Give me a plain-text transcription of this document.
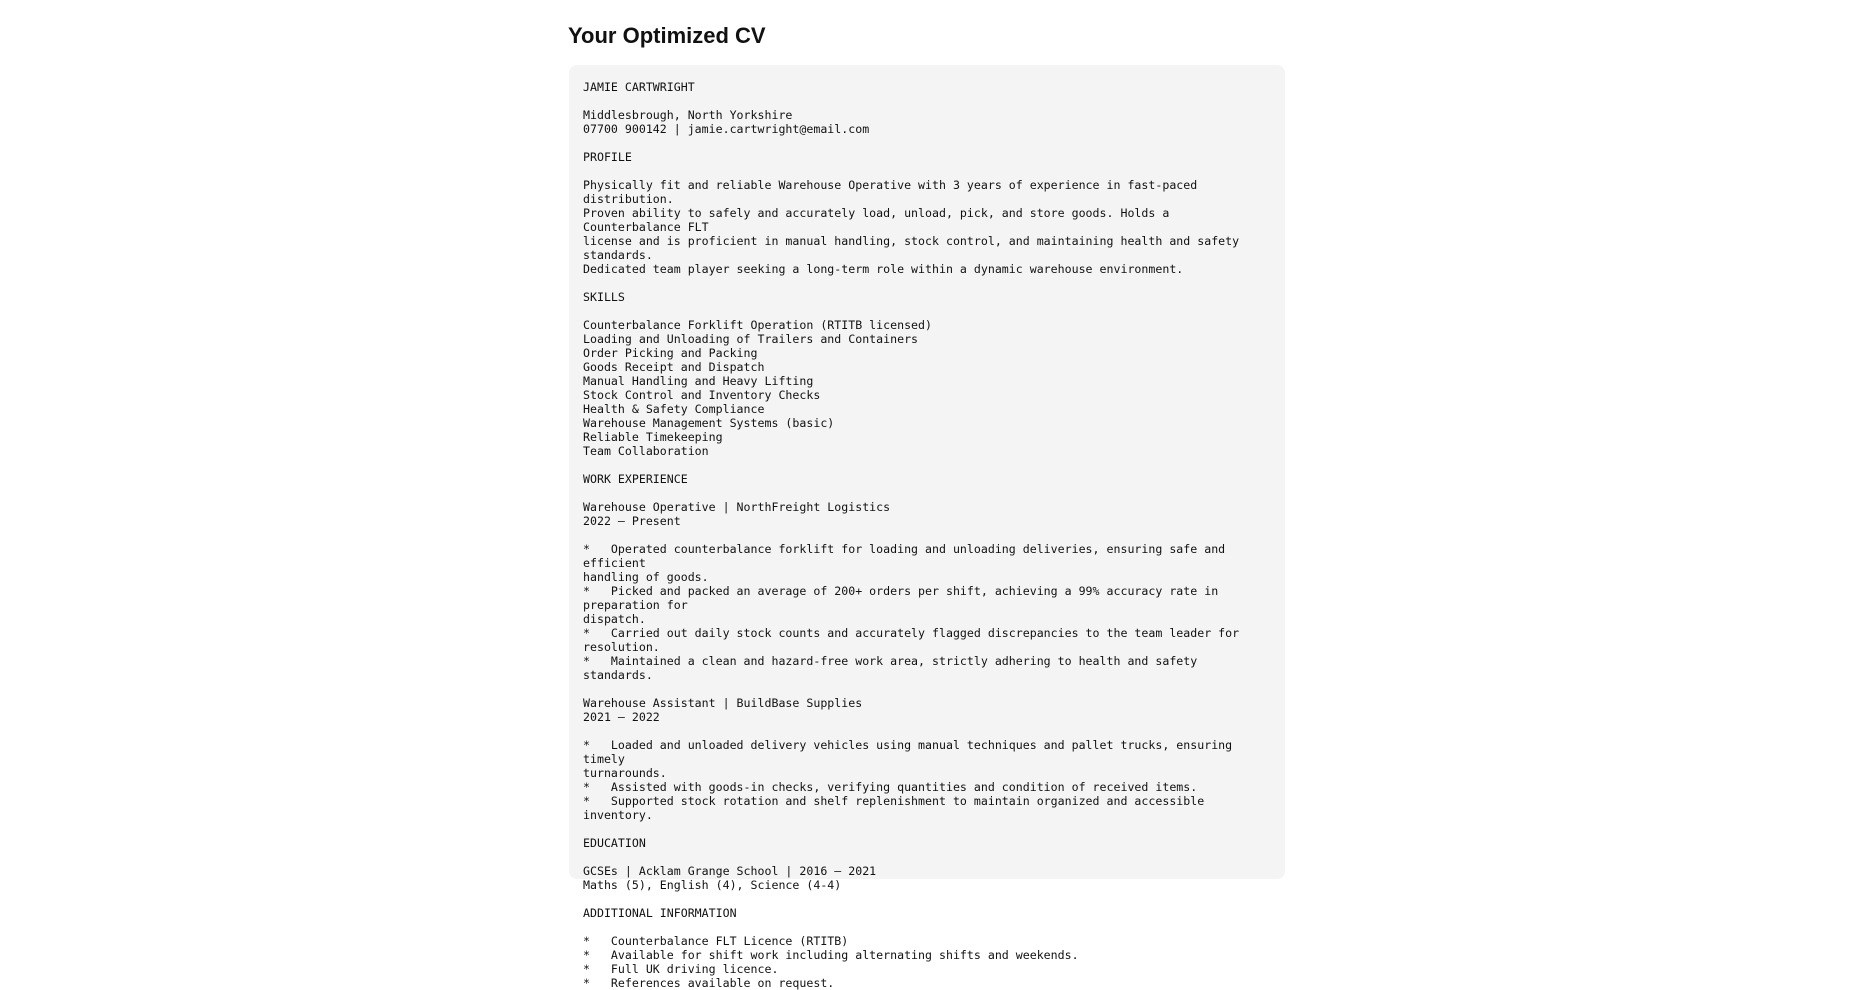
Your Optimized CV
JAMIE CARTWRIGHT

Middlesbrough, North Yorkshire
07700 900142 | jamie.cartwright@email.com

PROFILE

Physically fit and reliable Warehouse Operative with 3 years of experience in fast-paced distribution.
Proven ability to safely and accurately load, unload, pick, and store goods. Holds a Counterbalance FLT
license and is proficient in manual handling, stock control, and maintaining health and safety standards.
Dedicated team player seeking a long-term role within a dynamic warehouse environment.

SKILLS

Counterbalance Forklift Operation (RTITB licensed)
Loading and Unloading of Trailers and Containers
Order Picking and Packing
Goods Receipt and Dispatch
Manual Handling and Heavy Lifting
Stock Control and Inventory Checks
Health & Safety Compliance
Warehouse Management Systems (basic)
Reliable Timekeeping
Team Collaboration

WORK EXPERIENCE

Warehouse Operative | NorthFreight Logistics
2022 – Present

*   Operated counterbalance forklift for loading and unloading deliveries, ensuring safe and efficient
handling of goods.
*   Picked and packed an average of 200+ orders per shift, achieving a 99% accuracy rate in preparation for
dispatch.
*   Carried out daily stock counts and accurately flagged discrepancies to the team leader for resolution.
*   Maintained a clean and hazard-free work area, strictly adhering to health and safety standards.

Warehouse Assistant | BuildBase Supplies
2021 – 2022

*   Loaded and unloaded delivery vehicles using manual techniques and pallet trucks, ensuring timely
turnarounds.
*   Assisted with goods-in checks, verifying quantities and condition of received items.
*   Supported stock rotation and shelf replenishment to maintain organized and accessible inventory.

EDUCATION

GCSEs | Acklam Grange School | 2016 – 2021
Maths (5), English (4), Science (4-4)

ADDITIONAL INFORMATION

*   Counterbalance FLT Licence (RTITB)
*   Available for shift work including alternating shifts and weekends.
*   Full UK driving licence.
*   References available on request.
